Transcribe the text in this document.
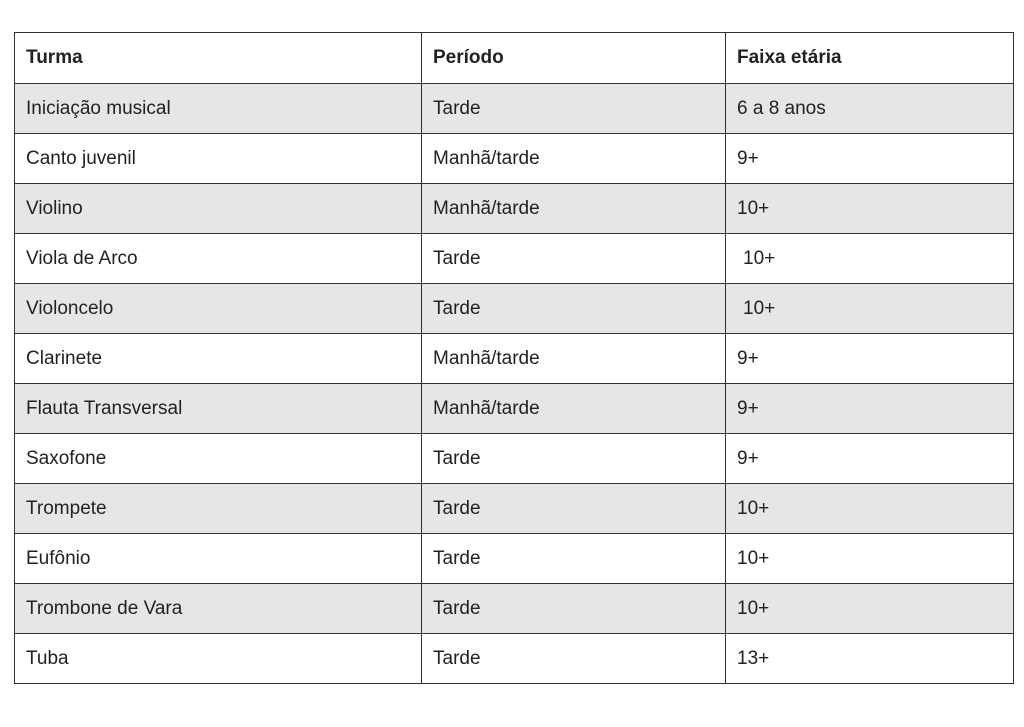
Turma	Período	Faixa etária
Iniciação musical	Tarde	6 a 8 anos
Canto juvenil	Manhã/tarde	9+
Violino	Manhã/tarde	10+
Viola de Arco	Tarde	10+
Violoncelo	Tarde	10+
Clarinete	Manhã/tarde	9+
Flauta Transversal	Manhã/tarde	9+
Saxofone	Tarde	9+
Trompete	Tarde	10+
Eufônio	Tarde	10+
Trombone de Vara	Tarde	10+
Tuba	Tarde	13+
